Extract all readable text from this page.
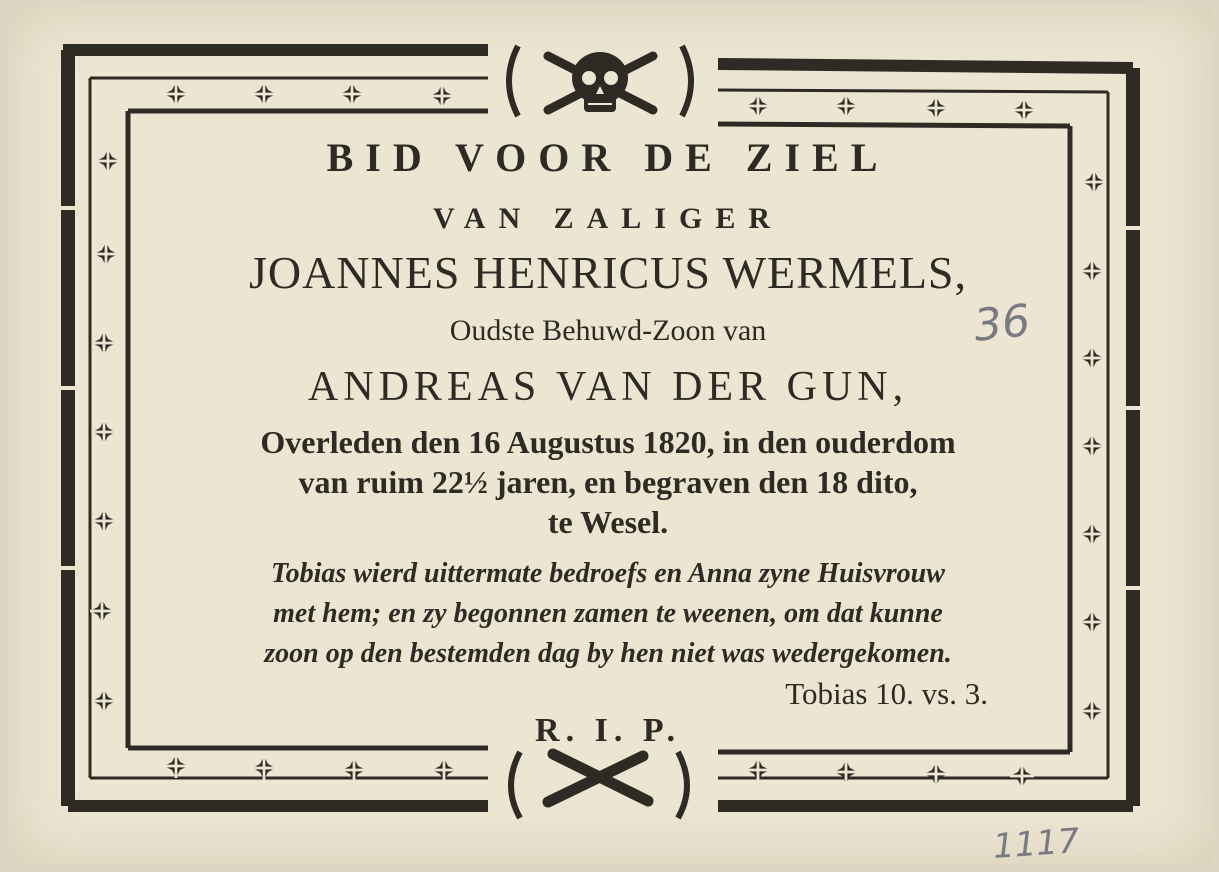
BID VOOR DE ZIEL
VAN ZALIGER
JOANNES HENRICUS WERMELS,
Oudste Behuwd-Zoon van
ANDREAS VAN DER GUN,
Overleden den 16 Augustus 1820, in den ouderdom
van ruim 22½ jaren, en begraven den 18 dito,
te Wesel.
Tobias wierd uittermate bedroefs en Anna zyne Huisvrouw
met hem; en zy begonnen zamen te weenen, om dat kunne
zoon op den bestemden dag by hen niet was wedergekomen.
Tobias 10. vs. 3.
R. I. P.
36
1117
